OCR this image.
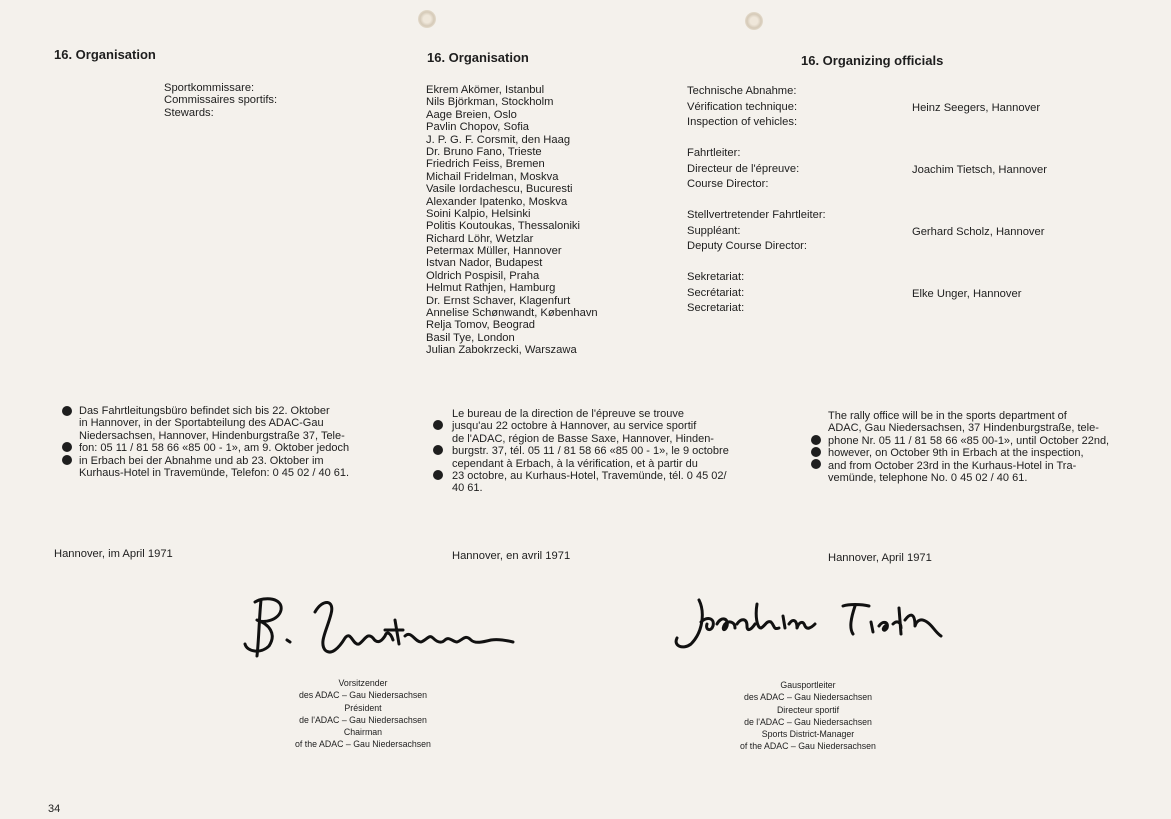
16. Organisation	16. Organisation	16. Organizing officials
Sportkommissare:
Commissaires sportifs:
Stewards:
Ekrem Akömer, Istanbul
Nils Björkman, Stockholm
Aage Breien, Oslo
Pavlin Chopov, Sofia
J. P. G. F. Corsmit, den Haag
Dr. Bruno Fano, Trieste
Friedrich Feiss, Bremen
Michail Fridelman, Moskva
Vasile Iordachescu, Bucuresti
Alexander Ipatenko, Moskva
Soini Kalpio, Helsinki
Politis Koutoukas, Thessaloniki
Richard Löhr, Wetzlar
Petermax Müller, Hannover
Istvan Nador, Budapest
Oldrich Pospisil, Praha
Helmut Rathjen, Hamburg
Dr. Ernst Schaver, Klagenfurt
Annelise Schønwandt, København
Relja Tomov, Beograd
Basil Tye, London
Julian Zabokrzecki, Warszawa
Technische Abnahme:
Vérification technique:
Inspection of vehicles:
Heinz Seegers, Hannover
Fahrtleiter:
Directeur de l'épreuve:
Course Director:
Joachim Tietsch, Hannover
Stellvertretender Fahrtleiter:
Suppléant:
Deputy Course Director:
Gerhard Scholz, Hannover
Sekretariat:
Secrétariat:
Secretariat:
Elke Unger, Hannover
Das Fahrtleitungsbüro befindet sich bis 22. Oktober
in Hannover, in der Sportabteilung des ADAC-Gau
Niedersachsen, Hannover, Hindenburgstraße 37, Tele-
fon: 05 11 / 81 58 66 «85 00 - 1», am 9. Oktober jedoch
in Erbach bei der Abnahme und ab 23. Oktober im
Kurhaus-Hotel in Travemünde, Telefon: 0 45 02 / 40 61.
Le bureau de la direction de l'épreuve se trouve
jusqu'au 22 octobre à Hannover, au service sportif
de l'ADAC, région de Basse Saxe, Hannover, Hinden-
burgstr. 37, tél. 05 11 / 81 58 66 «85 00 - 1», le 9 octobre
cependant à Erbach, à la vérification, et à partir du
23 octobre, au Kurhaus-Hotel, Travemünde, tél. 0 45 02/
40 61.
The rally office will be in the sports department of
ADAC, Gau Niedersachsen, 37 Hindenburgstraße, tele-
phone Nr. 05 11 / 81 58 66 «85 00-1», until October 22nd,
however, on October 9th in Erbach at the inspection,
and from October 23rd in the Kurhaus-Hotel in Tra-
vemünde, telephone No. 0 45 02 / 40 61.
Hannover, im April 1971	Hannover, en avril 1971	Hannover, April 1971
Vorsitzender
des ADAC – Gau Niedersachsen
Président
de l'ADAC – Gau Niedersachsen
Chairman
of the ADAC – Gau Niedersachsen
Gausportleiter
des ADAC – Gau Niedersachsen
Directeur sportif
de l'ADAC – Gau Niedersachsen
Sports District-Manager
of the ADAC – Gau Niedersachsen
34
